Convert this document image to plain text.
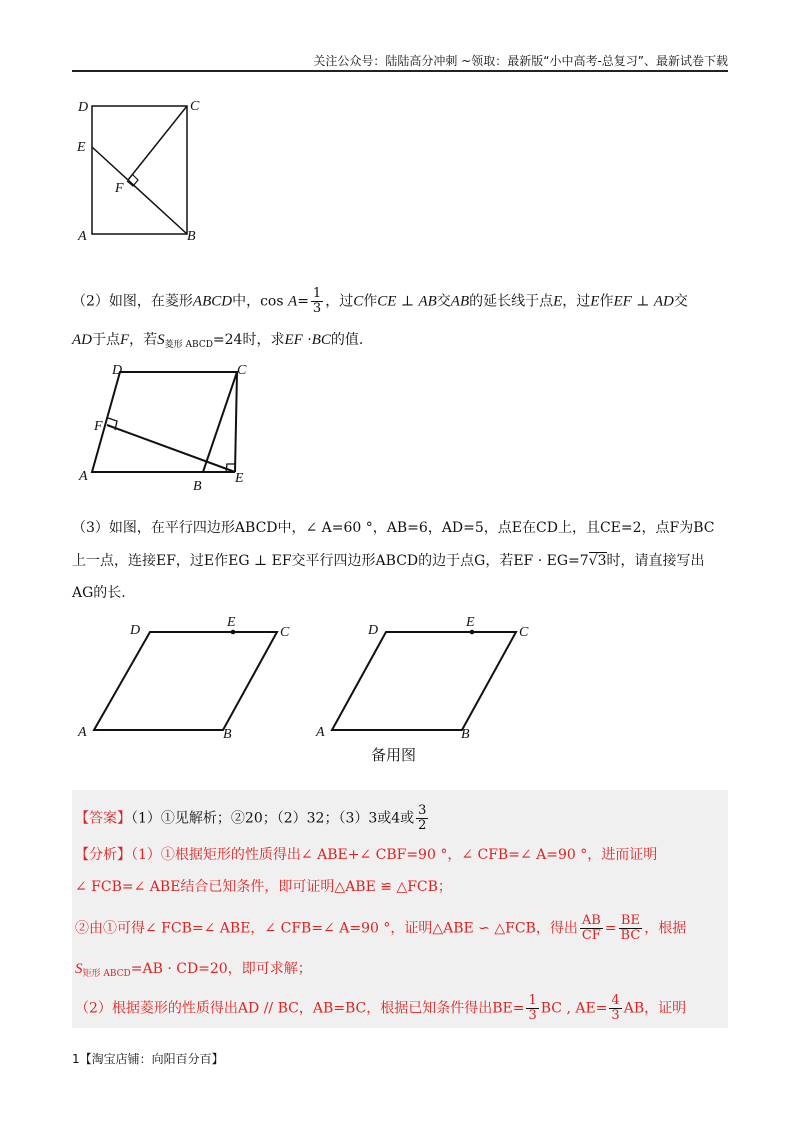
关注公众号：陆陆高分冲刺 ~领取：最新版“小中高考-总复习”、最新试卷下载
D	C
E
F
A	B
（2）如图，在菱形ABCD中，$\cos A= \frac{1}{3}$ ，过C作CE ⊥ AB交AB的延长线于点E，过E作EF ⊥ AD交
AD于点F，若$S_{菱形 ABCD}=24$时，求EF ·BC的值.
D	C
F
A
B
E
（3）如图，在平行四边形ABCD中，∠ A=60 °，AB=6，AD=5，点E在CD上，且CE=2，点F为BC
上一点，连接EF，过E作EG ⊥ EF交平行四边形ABCD的边于点G，若EF · EG=7√3时，请直接写出
AG的长.
D
E
C
A	B
D
E
C
A	B
备用图
【答案】（1）①见解析；②20；（2）32；（3）3或4或 $\frac{3}{2}$
【分析】（1）①根据矩形的性质得出∠ ABE+∠ CBF=90 °，∠ CFB=∠ A=90 °，进而证明
∠ FCB=∠ ABE结合已知条件，即可证明△ABE ≌ △FCB；
②由①可得∠ FCB=∠ ABE，∠ CFB=∠ A=90 °，证明△ABE ∽ △FCB，得出 $\frac{AB}{CF} = \frac{BE}{BC}$ ，根据
$S_{矩形 ABCD}=AB \cdot CD=20$，即可求解；
（2）根据菱形的性质得出AD // BC，AB=BC，根据已知条件得出$BE= \frac{1}{3}$ BC , $AE= \frac{4}{3}$ AB，证明
1【淘宝店铺：向阳百分百】
